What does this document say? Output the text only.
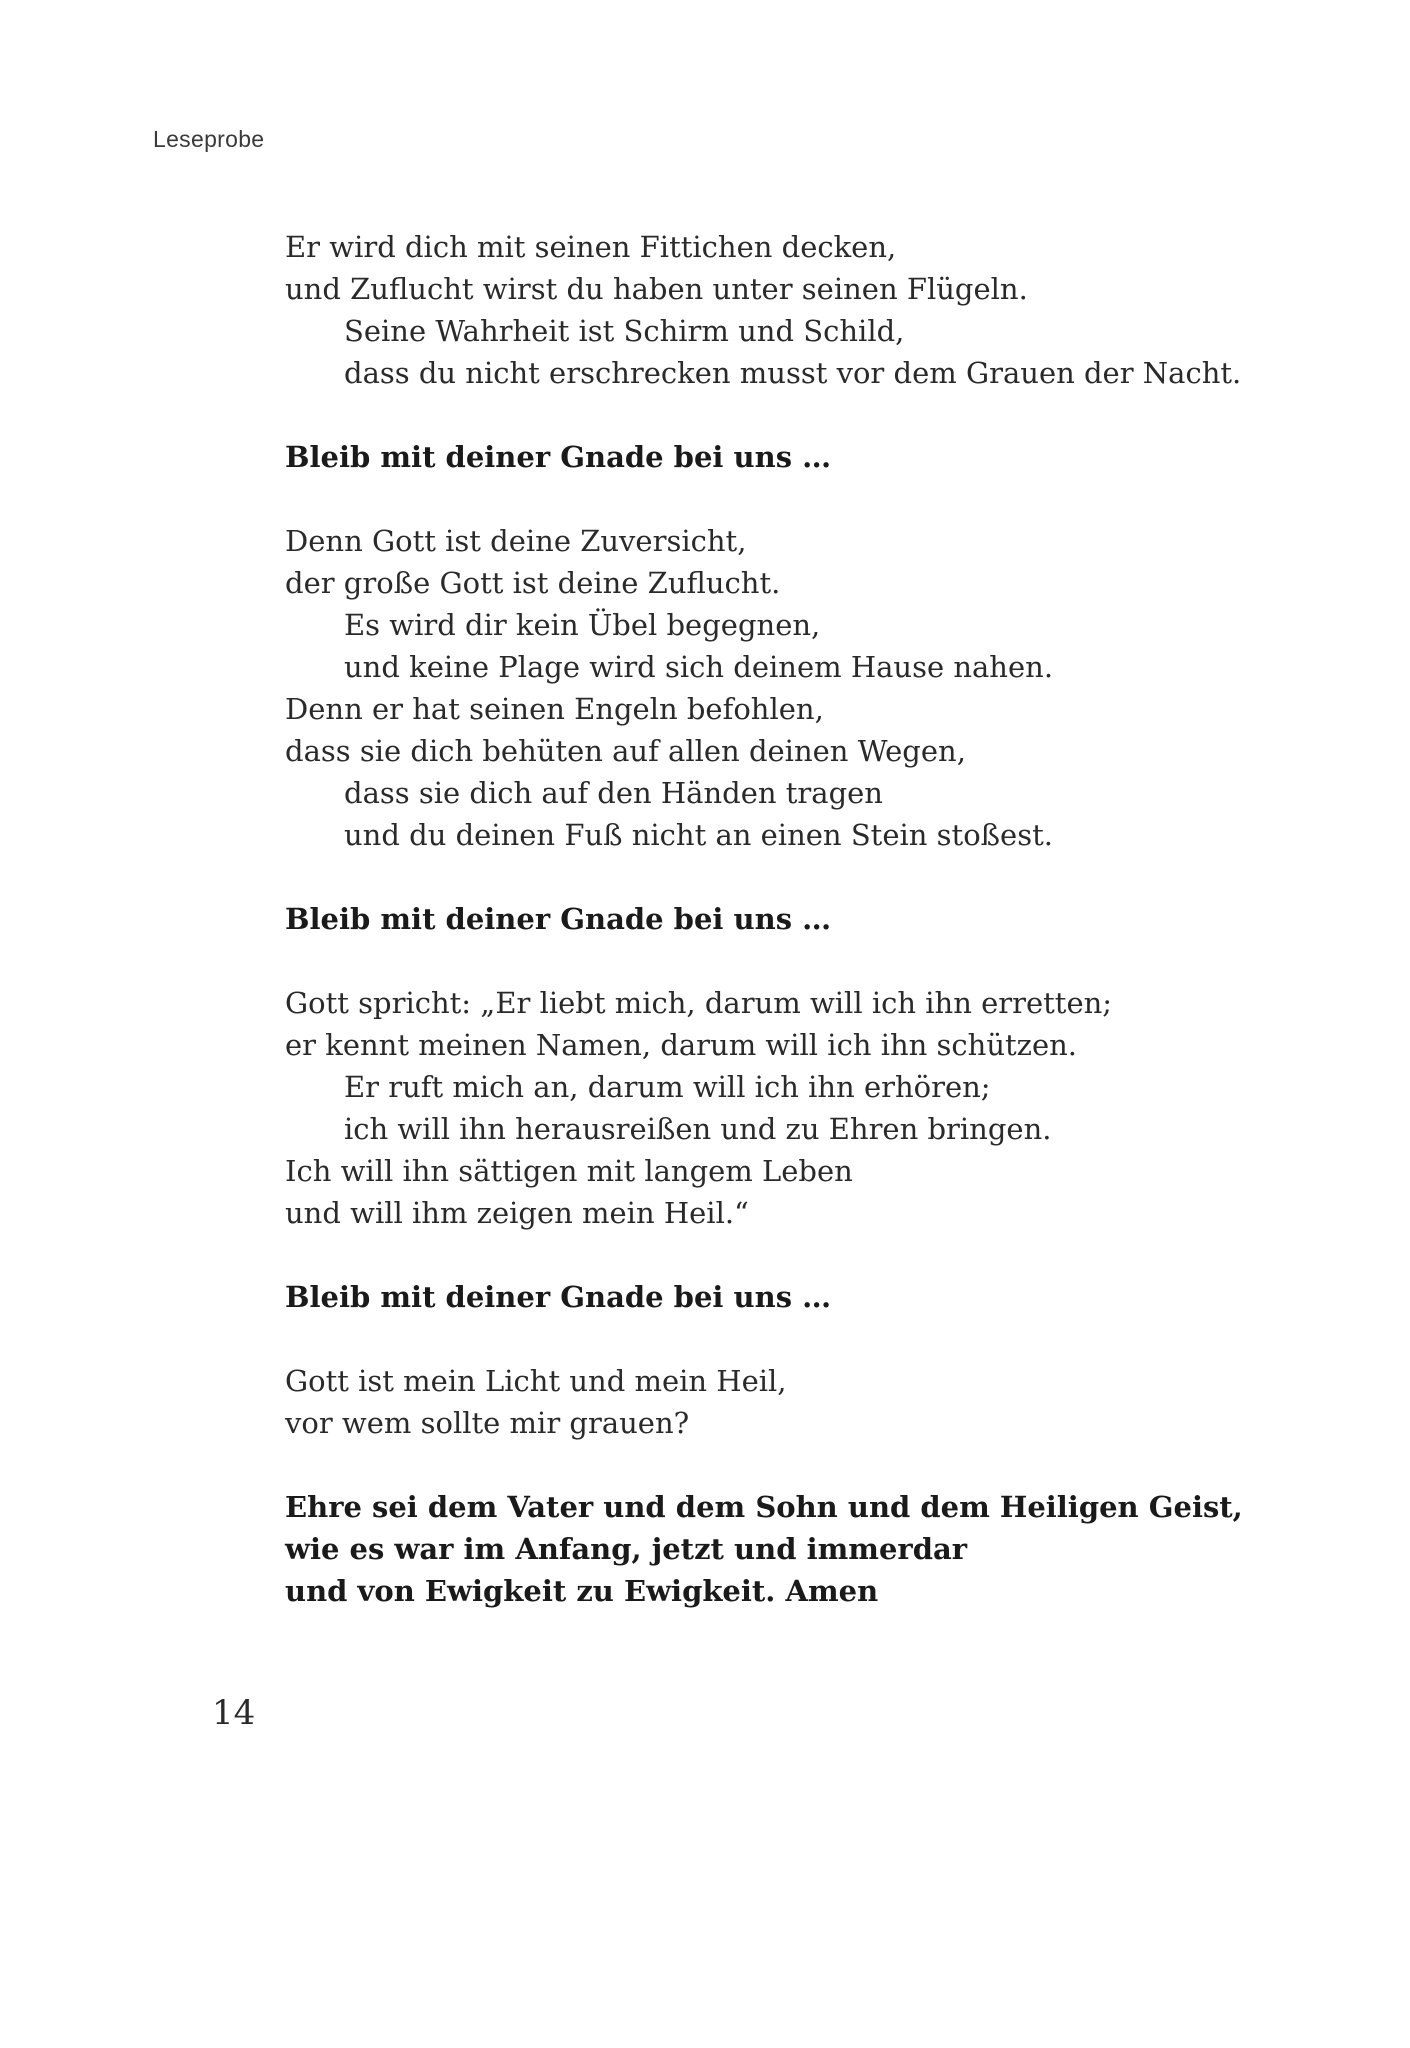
Leseprobe

Er wird dich mit seinen Fittichen decken,
und Zuflucht wirst du haben unter seinen Flügeln.
Seine Wahrheit ist Schirm und Schild,
dass du nicht erschrecken musst vor dem Grauen der Nacht.
Bleib mit deiner Gnade bei uns …
Denn Gott ist deine Zuversicht,
der große Gott ist deine Zuflucht.
Es wird dir kein Übel begegnen,
und keine Plage wird sich deinem Hause nahen.
Denn er hat seinen Engeln befohlen,
dass sie dich behüten auf allen deinen Wegen,
dass sie dich auf den Händen tragen
und du deinen Fuß nicht an einen Stein stoßest.
Bleib mit deiner Gnade bei uns …
Gott spricht: „Er liebt mich, darum will ich ihn erretten;
er kennt meinen Namen, darum will ich ihn schützen.
Er ruft mich an, darum will ich ihn erhören;
ich will ihn herausreißen und zu Ehren bringen.
Ich will ihn sättigen mit langem Leben
und will ihm zeigen mein Heil.“
Bleib mit deiner Gnade bei uns …
Gott ist mein Licht und mein Heil,
vor wem sollte mir grauen?
Ehre sei dem Vater und dem Sohn und dem Heiligen Geist,
wie es war im Anfang, jetzt und immerdar
und von Ewigkeit zu Ewigkeit. Amen

14
